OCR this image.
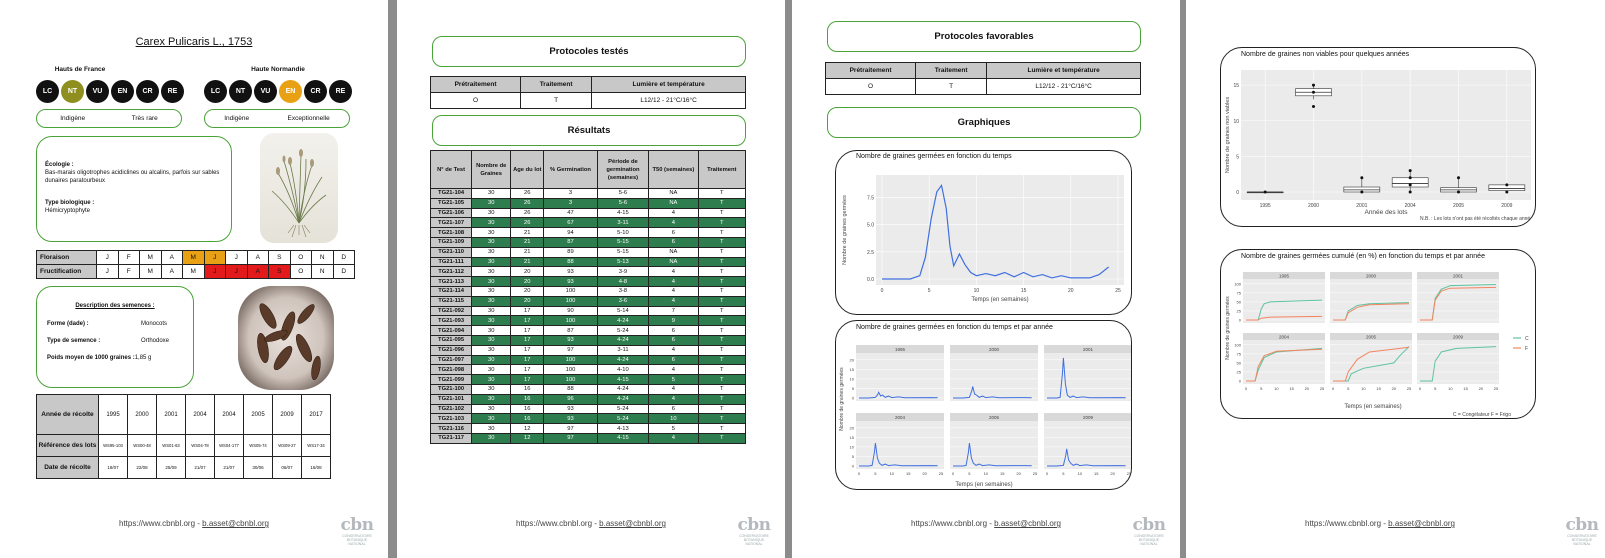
Carex Pulicaris L., 1753
Hauts de France
LC	NT	VU	EN	CR	RE
Indigène	Très rare
Haute Normandie
LC	NT	VU	EN	CR	RE
Indigène	Exceptionnelle
Écologie :
Bas-marais oligotrophes acidiclines ou alcalins, parfois sur sables dunaires paratourbeux
Type biologique :
Hémicryptophyte
Floraison	J	F	M	A	M	J	J	A	S	O	N	D
Fructification	J	F	M	A	M	J	J	A	S	O	N	D
Description des semences :
Forme (dade) :	Monocots
Type de semence :	Orthodoxe
Poids moyen de 1000 graines : 1,85 g
Année de récolte	1995	2000	2001	2004	2004	2005	2009	2017
Référence des lots	WS95-103	WS00-48	WS01-63	WS04-78	WS04-177	WS05-74	WS09-27	WS17-34
Date de récolte	18/07	22/08	25/09	21/07	21/07	30/06	06/07	16/08
https://www.cbnbl.org - b.asset@cbnbl.org	cbn
CONSERVATOIRE BOTANIQUE NATIONAL
Protocoles testés
Prétraitement	Traitement	Lumière et température
O	T	L12/12 - 21°C/16°C
Résultats
N° de Test	Nombre de Graines	Age du lot	% Germination	Période de germination (semaines)	T50 (semaines)	Traitement
TG21-104	30	26	3	5-6	NA	T
TG21-105	30	26	3	5-6	NA	T
TG21-106	30	26	47	4-15	4	T
TG21-107	30	26	67	3-11	4	T
TG21-108	30	21	94	5-10	6	T
TG21-109	30	21	87	5-15	6	T
TG21-110	30	21	89	5-15	NA	T
TG21-111	30	21	88	5-13	NA	T
TG21-112	30	20	93	3-9	4	T
TG21-113	30	20	93	4-8	4	T
TG21-114	30	20	100	3-8	4	T
TG21-115	30	20	100	3-6	4	T
TG21-092	30	17	90	5-14	7	T
TG21-093	30	17	100	4-24	9	T
TG21-094	30	17	87	5-24	6	T
TG21-095	30	17	93	4-24	6	T
TG21-096	30	17	97	3-11	4	T
TG21-097	30	17	100	4-24	6	T
TG21-098	30	17	100	4-10	4	T
TG21-099	30	17	100	4-15	5	T
TG21-100	30	16	88	4-24	4	T
TG21-101	30	16	96	4-24	4	T
TG21-102	30	16	93	5-24	6	T
TG21-103	30	16	93	5-24	10	T
TG21-116	30	12	97	4-13	5	T
TG21-117	30	12	97	4-15	4	T
https://www.cbnbl.org - b.asset@cbnbl.org	cbn
CONSERVATOIRE BOTANIQUE NATIONAL
Protocoles favorables
Prétraitement	Traitement	Lumière et température
O	T	L12/12 - 21°C/16°C
Graphiques
Nombre de graines germées en fonction du temps
0	5	10	15	20	25
0.0
2.5
5.0
7.5
Temps (en semaines)
Nombre de graines germées
Nombre de graines germées en fonction du temps et par année
1995
0
5
10
15
20
2000	2001
2004
0
5
10
15
20
0	5	10	15	20	25
2005
0	5	10	15	20	25
2009
0	5	10	15	20	25
Temps (en semaines)
Nombre de graines germées
https://www.cbnbl.org - b.asset@cbnbl.org	cbn
CONSERVATOIRE BOTANIQUE NATIONAL
Nombre de graines non viables pour quelques années
0
5
10
15
1995	2000	2001	2004	2005	2009
Année des lots
Nombre de graines non viables
N.B. : Les lots n'ont pas été récoltés chaque année
Nombre de graines germées cumulé (en %) en fonction du temps et par année
1995
0
25
50
75
100
2000	2001
2004
0
25
50
75
100
0	5	10	15	20	25
2005
0	5	10	15	20	25
2009
0	5	10	15	20	25
Temps (en semaines)
Nombre de graines germées	C
F
C = Congélateur F = Frigo
https://www.cbnbl.org - b.asset@cbnbl.org	cbn
CONSERVATOIRE BOTANIQUE NATIONAL
